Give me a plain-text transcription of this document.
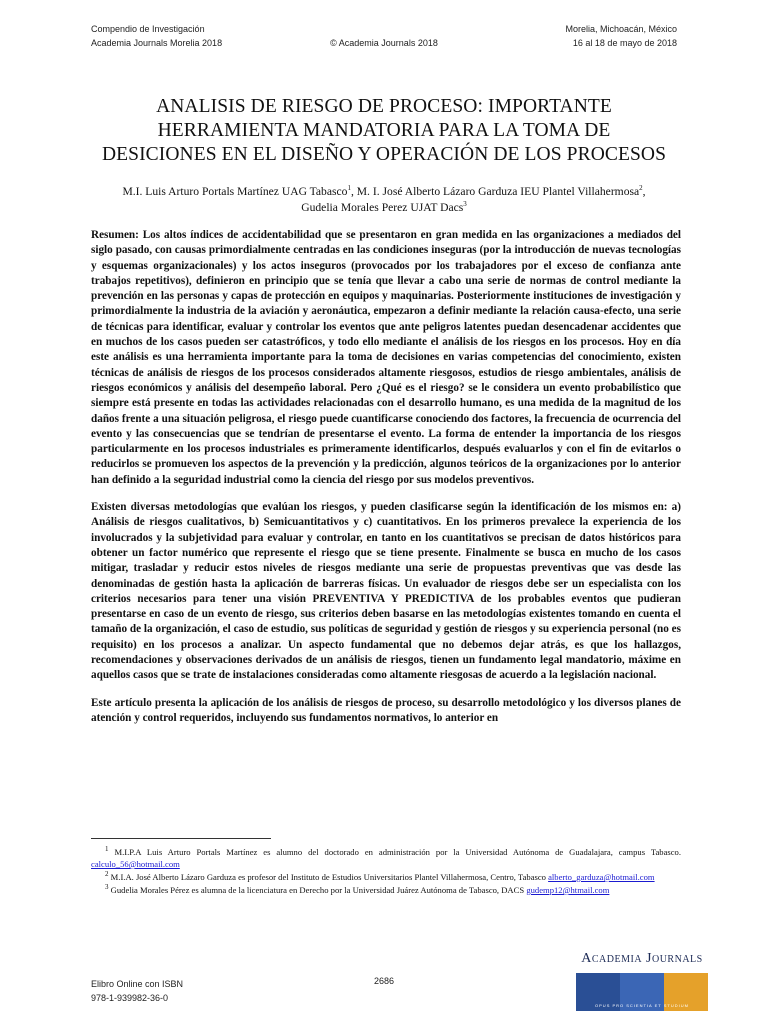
Compendio de Investigación
Academia Journals Morelia 2018	© Academia Journals 2018
Morelia, Michoacán, México
16 al 18 de mayo de 2018
ANALISIS DE RIESGO DE PROCESO: IMPORTANTE
HERRAMIENTA MANDATORIA PARA LA TOMA DE
DESICIONES EN EL DISEÑO Y OPERACIÓN DE LOS PROCESOS
M.I. Luis Arturo Portals Martínez UAG Tabasco$^1$, M. I. José Alberto Lázaro Garduza IEU Plantel Villahermosa$^2$,
Gudelia Morales Perez UJAT Dacs$^3$

Resumen: Los altos índices de accidentabilidad que se presentaron en gran medida en las organizaciones a mediados del siglo pasado, con causas primordialmente centradas en las condiciones inseguras (por la introducción de nuevas tecnologías y esquemas organizacionales) y los actos inseguros (provocados por los trabajadores por el exceso de confianza ante trabajos repetitivos), definieron en principio que se tenía que llevar a cabo una serie de normas de control mediante la prevención en las personas y capas de protección en equipos y maquinarias. Posteriormente instituciones de investigación y primordialmente la industria de la aviación y aeronáutica, empezaron a definir mediante la relación causa-efecto, una serie de técnicas para identificar, evaluar y controlar los eventos que ante peligros latentes puedan desencadenar accidentes que en muchos de los casos pueden ser catastróficos, y todo ello mediante el análisis de los riesgos en los procesos. Hoy en día este análisis es una herramienta importante para la toma de decisiones en varias competencias del conocimiento, existen técnicas de análisis de riesgos de los procesos considerados altamente riesgosos, estudios de riesgo ambientales, análisis de riesgos económicos y análisis del desempeño laboral. Pero ¿Qué es el riesgo? se le considera un evento probabilístico que siempre está presente en todas las actividades relacionadas con el desarrollo humano, es una medida de la magnitud de los daños frente a una situación peligrosa, el riesgo puede cuantificarse conociendo dos factores, la frecuencia de ocurrencia del evento y las consecuencias que se tendrían de presentarse el evento. La forma de entender la importancia de los riesgos particularmente en los procesos industriales es primeramente identificarlos, después evaluarlos y con el fin de evitarlos o reducirlos se promueven los aspectos de la prevención y la predicción, algunos teóricos de la organizaciones por lo anterior han definido a la seguridad industrial como la ciencia del riesgo por sus modelos preventivos.

Existen diversas metodologías que evalúan los riesgos, y pueden clasificarse según la identificación de los mismos en: a) Análisis de riesgos cualitativos, b) Semicuantitativos y c) cuantitativos. En los primeros prevalece la experiencia de los involucrados y la subjetividad para evaluar y controlar, en tanto en los cuantitativos se precisan de datos históricos para obtener un factor numérico que represente el riesgo que se tiene presente. Finalmente se busca en mucho de los casos mitigar, trasladar y reducir estos niveles de riesgos mediante una serie de propuestas preventivas que vas desde las denominadas de gestión hasta la aplicación de barreras físicas. Un evaluador de riesgos debe ser un especialista con los criterios necesarios para tener una visión PREVENTIVA Y PREDICTIVA de los probables eventos que pudieran presentarse en caso de un evento de riesgo, sus criterios deben basarse en las metodologías existentes tomando en cuenta el tamaño de la organización, el caso de estudio, sus políticas de seguridad y gestión de riesgos y su experiencia personal (no es requisito) en los procesos a analizar. Un aspecto fundamental que no debemos dejar atrás, es que los hallazgos, recomendaciones y observaciones derivados de un análisis de riesgos, tienen un fundamento legal mandatorio, máxime en aquellos casos que se trate de instalaciones consideradas como altamente riesgosas de acuerdo a la legislación nacional.

Este artículo presenta la aplicación de los análisis de riesgos de proceso, su desarrollo metodológico y los diversos planes de atención y control requeridos, incluyendo sus fundamentos normativos, lo anterior en

$^1$ M.I.P.A Luis Arturo Portals Martínez es alumno del doctorado en administración por la Universidad Autónoma de Guadalajara, campus Tabasco. calculo_56@hotmail.com
$^2$ M.I.A. José Alberto Lázaro Garduza es profesor del Instituto de Estudios Universitarios Plantel Villahermosa, Centro, Tabasco alberto_garduza@hotmail.com
$^3$ Gudelia Morales Pérez es alumna de la licenciatura en Derecho por la Universidad Juárez Autónoma de Tabasco, DACS gudemp12@htmail.com
Elibro Online con ISBN
978-1-939982-36-0
2686
Academia Journals
OPUS PRO SCIENTIA ET STUDIUM
